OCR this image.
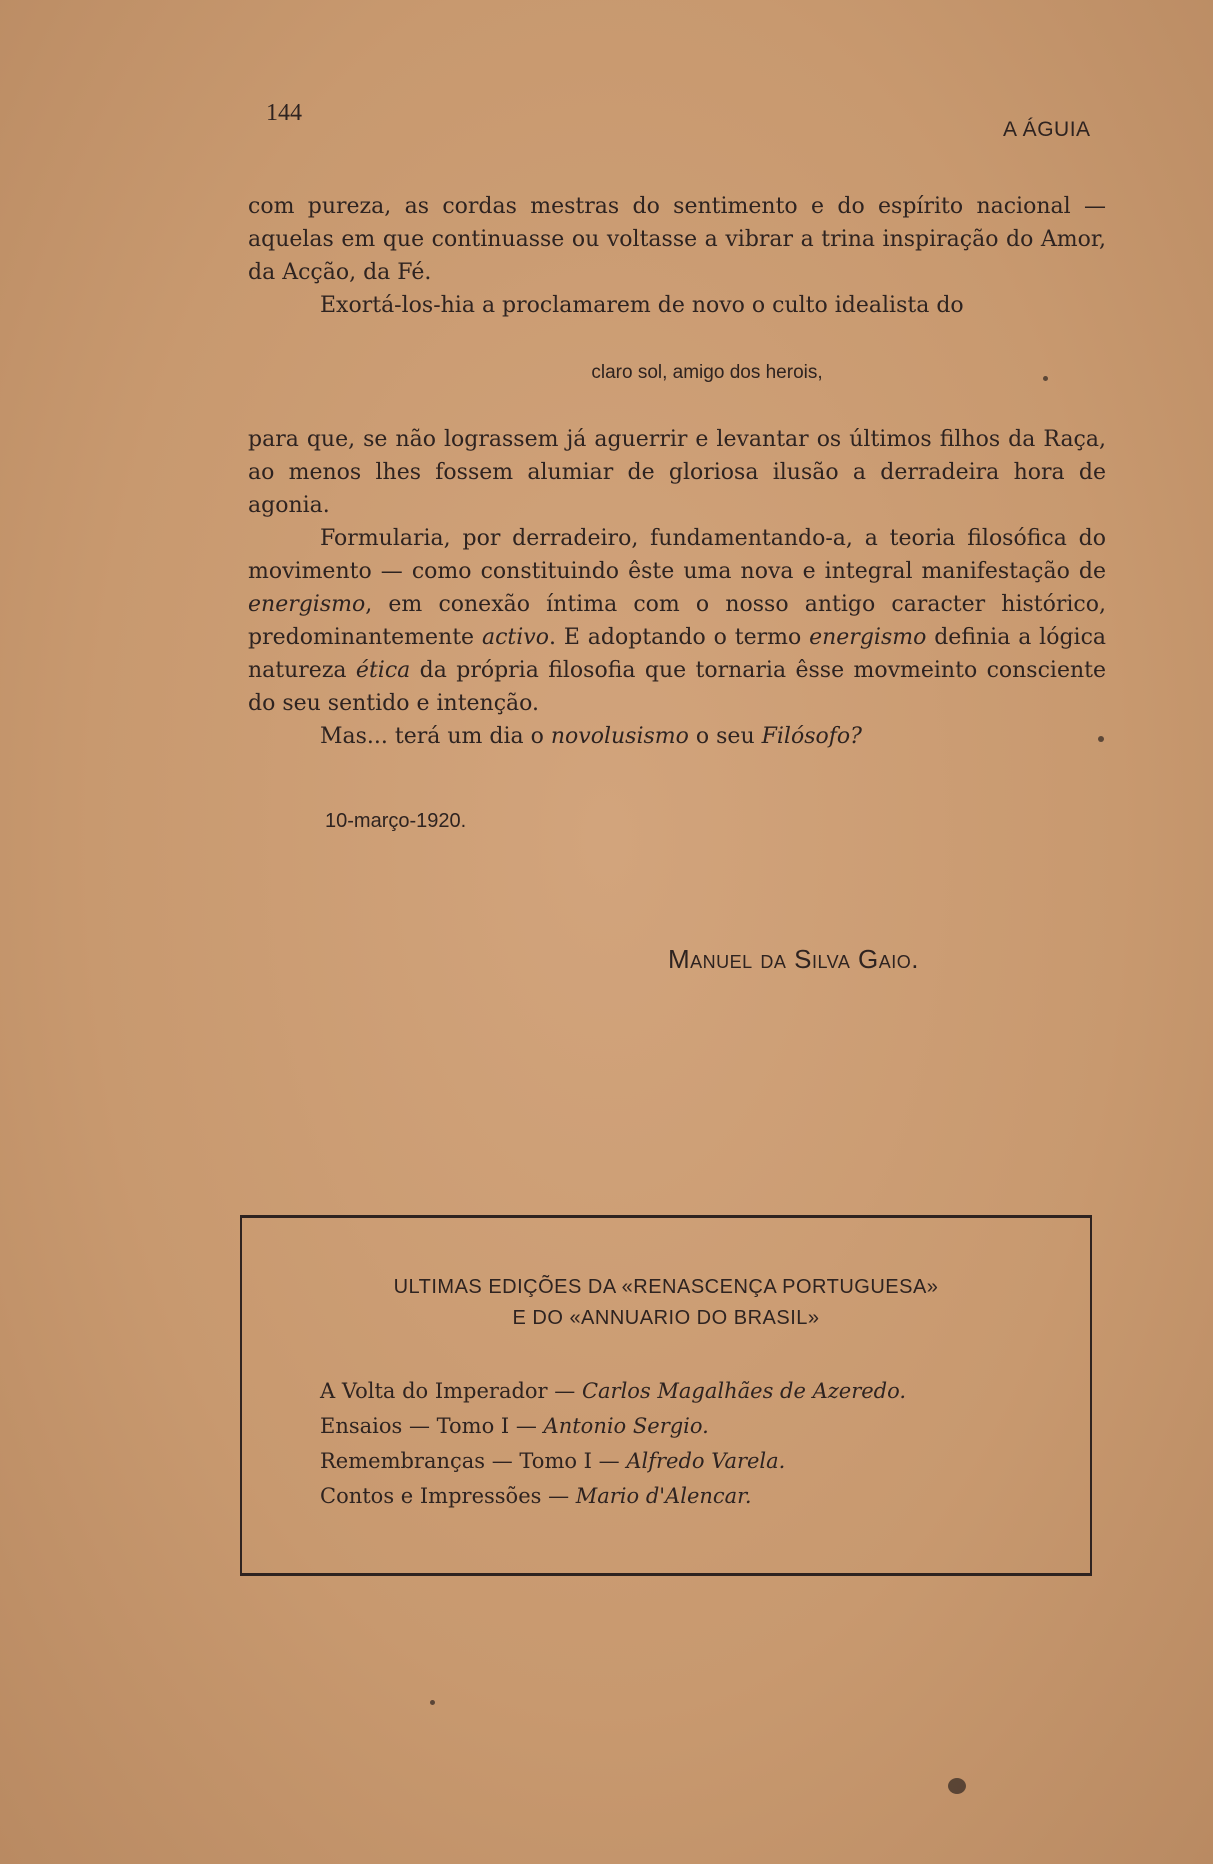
144
A ÁGUIA

com pureza, as cordas mestras do sentimento e do espírito nacional — aquelas em que continuasse ou voltasse a vibrar a trina inspiração do Amor, da Acção, da Fé.

Exortá-los-hia a proclamarem de novo o culto idealista do

claro sol, amigo dos herois,

para que, se não lograssem já aguerrir e levantar os últimos filhos da Raça, ao menos lhes fossem alumiar de gloriosa ilusão a derradeira hora de agonia.

Formularia, por derradeiro, fundamentando-a, a teoria filosófica do movimento — como constituindo êste uma nova e integral manifestação de energismo, em conexão íntima com o nosso antigo caracter histórico, predominantemente activo. E adoptando o termo energismo definia a lógica natureza ética da própria filosofia que tornaria êsse movmeinto consciente do seu sentido e intenção.

Mas... terá um dia o novolusismo o seu Filósofo?

10-março-1920.
Manuel da Silva Gaio.
ULTIMAS EDIÇÕES DA «RENASCENÇA PORTUGUESA»
E DO «ANNUARIO DO BRASIL»
A Volta do Imperador — Carlos Magalhães de Azeredo.
Ensaios — Tomo I — Antonio Sergio.
Remembranças — Tomo I — Alfredo Varela.
Contos e Impressões — Mario d'Alencar.
